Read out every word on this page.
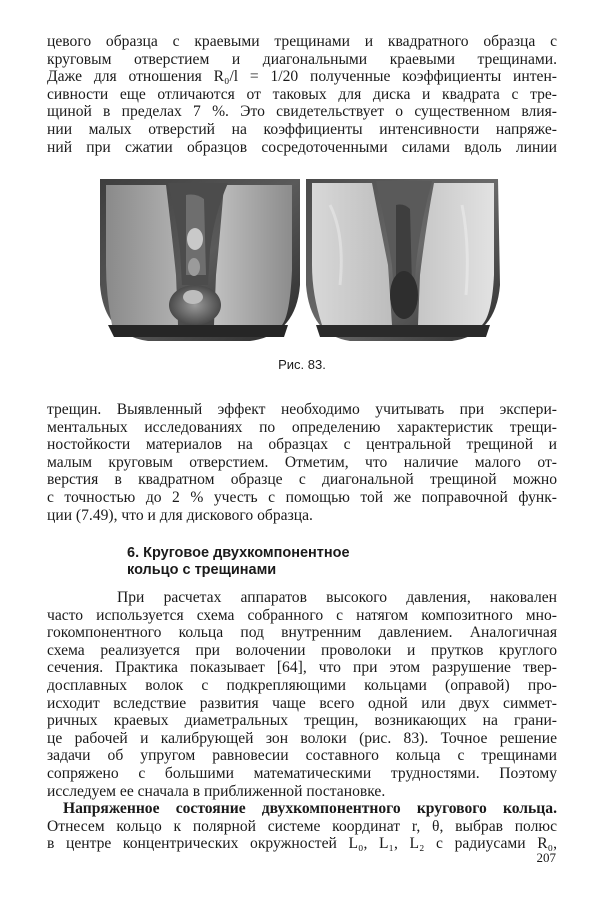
цевого образца с краевыми трещинами и квадратного образца с
круговым отверстием и диагональными краевыми трещинами.
Даже для отношения R₀/l = 1/20 полученные коэффициенты интен-
сивности еще отличаются от таковых для диска и квадрата с тре-
щиной в пределах 7 %. Это свидетельствует о существенном влия-
нии малых отверстий на коэффициенты интенсивности напряже-
ний при сжатии образцов сосредоточенными силами вдоль линии
Рис. 83.
трещин. Выявленный эффект необходимо учитывать при экспери-
ментальных исследованиях по определению характеристик трещи-
ностойкости материалов на образцах с центральной трещиной и
малым круговым отверстием. Отметим, что наличие малого от-
верстия в квадратном образце с диагональной трещиной можно
с точностью до 2 % учесть с помощью той же поправочной функ-
ции (7.49), что и для дискового образца.
6. Круговое двухкомпонентное
кольцо с трещинами
При расчетах аппаратов высокого давления, наковален
часто используется схема собранного с натягом композитного мно-
гокомпонентного кольца под внутренним давлением. Аналогичная
схема реализуется при волочении проволоки и прутков круглого
сечения. Практика показывает [64], что при этом разрушение твер-
досплавных волок с подкрепляющими кольцами (оправой) про-
исходит вследствие развития чаще всего одной или двух симмет-
ричных краевых диаметральных трещин, возникающих на грани-
це рабочей и калибрующей зон волоки (рис. 83). Точное решение
задачи об упругом равновесии составного кольца с трещинами
сопряжено с большими математическими трудностями. Поэтому
исследуем ее сначала в приближенной постановке.
Напряженное состояние двухкомпонентного кругового кольца.
Отнесем кольцо к полярной системе координат r, θ, выбрав полюс
в центре концентрических окружностей L₀, L₁, L₂ с радиусами R₀,
207
